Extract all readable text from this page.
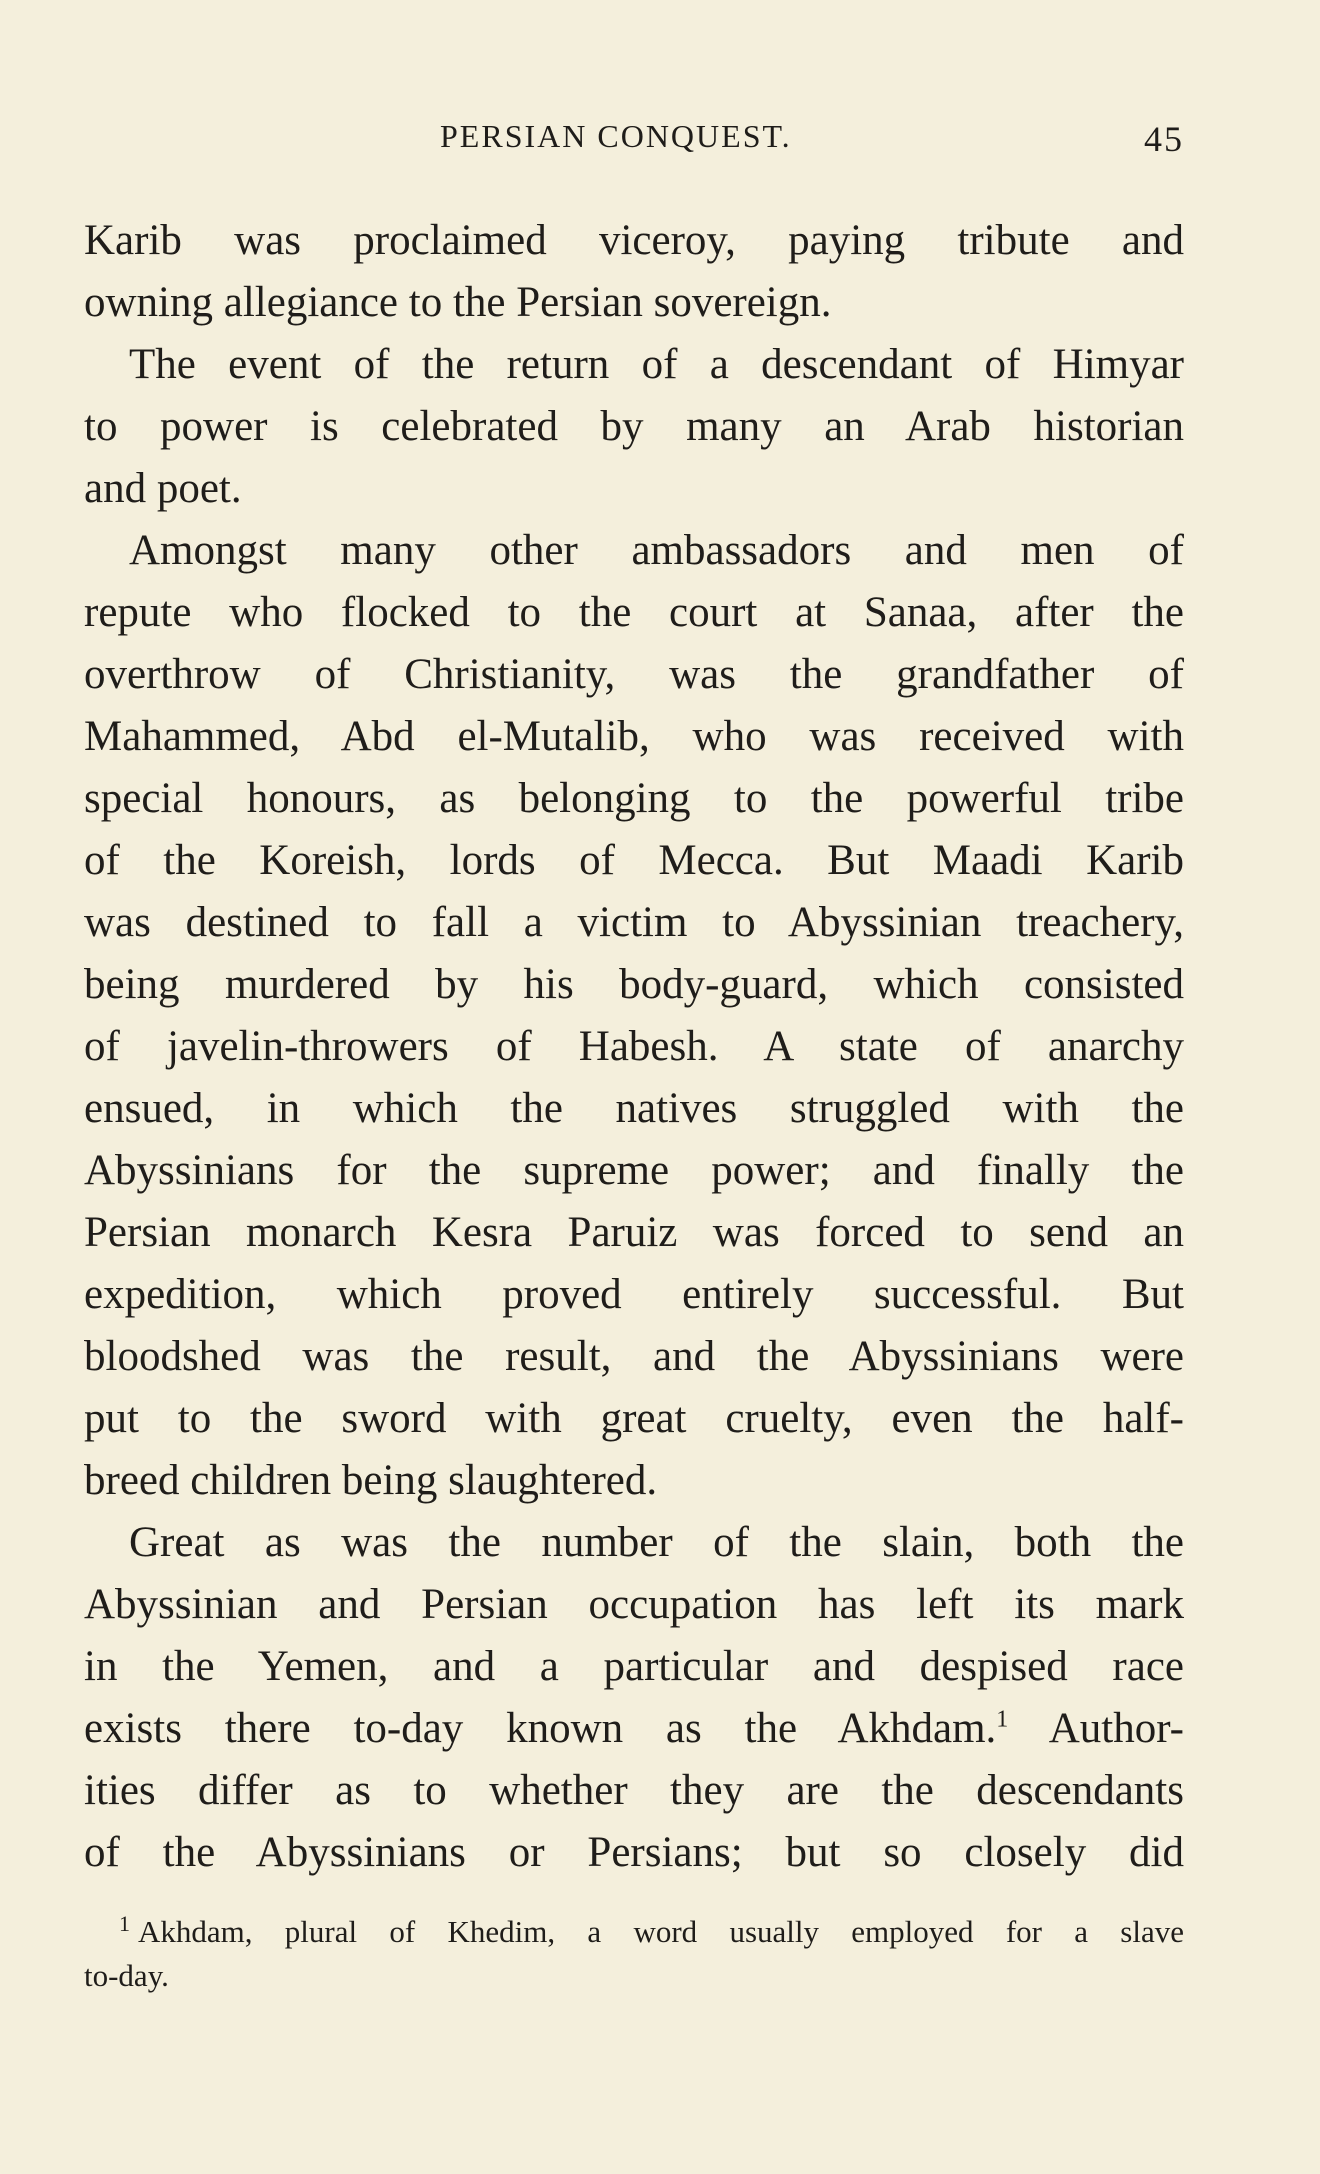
PERSIAN CONQUEST.	45

Karib was proclaimed viceroy, paying tribute and
owning allegiance to the Persian sovereign.

The event of the return of a descendant of Himyar
to power is celebrated by many an Arab historian
and poet.

Amongst many other ambassadors and men of
repute who flocked to the court at Sanaa, after the
overthrow of Christianity, was the grandfather of
Mahammed, Abd el-Mutalib, who was received with
special honours, as belonging to the powerful tribe
of the Koreish, lords of Mecca. But Maadi Karib
was destined to fall a victim to Abyssinian treachery,
being murdered by his body-guard, which consisted
of javelin-throwers of Habesh. A state of anarchy
ensued, in which the natives struggled with the
Abyssinians for the supreme power; and finally the
Persian monarch Kesra Paruiz was forced to send an
expedition, which proved entirely successful. But
bloodshed was the result, and the Abyssinians were
put to the sword with great cruelty, even the half-
breed children being slaughtered.

Great as was the number of the slain, both the
Abyssinian and Persian occupation has left its mark
in the Yemen, and a particular and despised race
exists there to-day known as the Akhdam.$^1$ Author-
ities differ as to whether they are the descendants
of the Abyssinians or Persians; but so closely did

$^1$ Akhdam, plural of Khedim, a word usually employed for a slave
to-day.
